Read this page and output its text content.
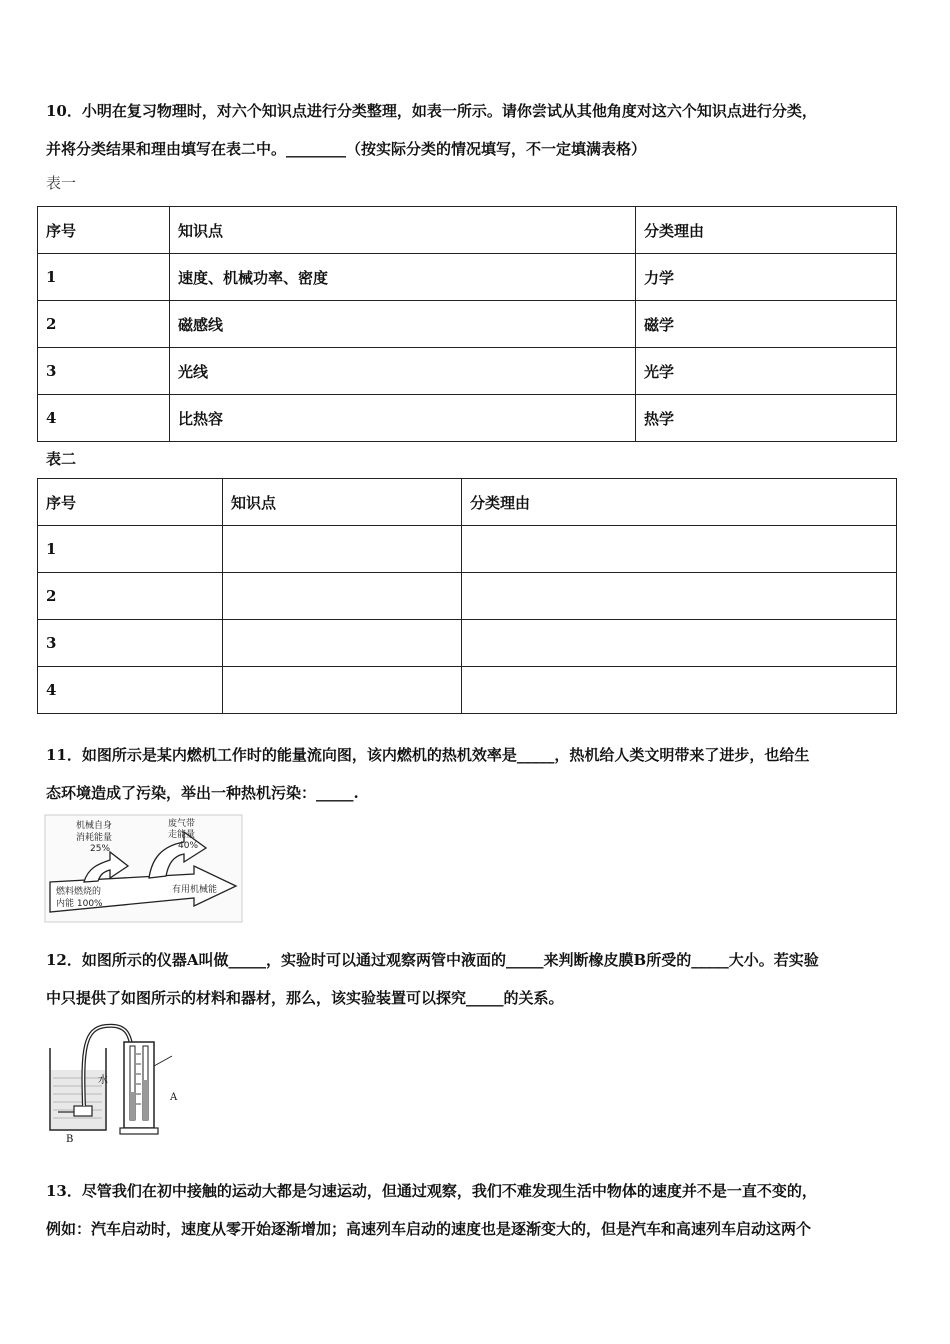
10．小明在复习物理时，对六个知识点进行分类整理，如表一所示。请你尝试从其他角度对这六个知识点进行分类，
并将分类结果和理由填写在表二中。________（按实际分类的情况填写，不一定填满表格）
表一
序号	知识点	分类理由
1	速度、机械功率、密度	力学
2	磁感线	磁学
3	光线	光学
4	比热容	热学
表二
序号	知识点	分类理由
1		
2		
3		
4		
11．如图所示是某内燃机工作时的能量流向图，该内燃机的热机效率是_____，热机给人类文明带来了进步，也给生
态环境造成了污染，举出一种热机污染：_____.
机械自身
消耗能量
25%
废气带
走能量
40%
燃料燃烧的
内能 100%
有用机械能
12．如图所示的仪器A叫做_____，实验时可以通过观察两管中液面的_____来判断橡皮膜B所受的_____大小。若实验
中只提供了如图所示的材料和器材，那么，该实验装置可以探究_____的关系。
水
A
B
13．尽管我们在初中接触的运动大都是匀速运动，但通过观察，我们不难发现生活中物体的速度并不是一直不变的，
例如：汽车启动时，速度从零开始逐渐增加；高速列车启动的速度也是逐渐变大的，但是汽车和高速列车启动这两个
